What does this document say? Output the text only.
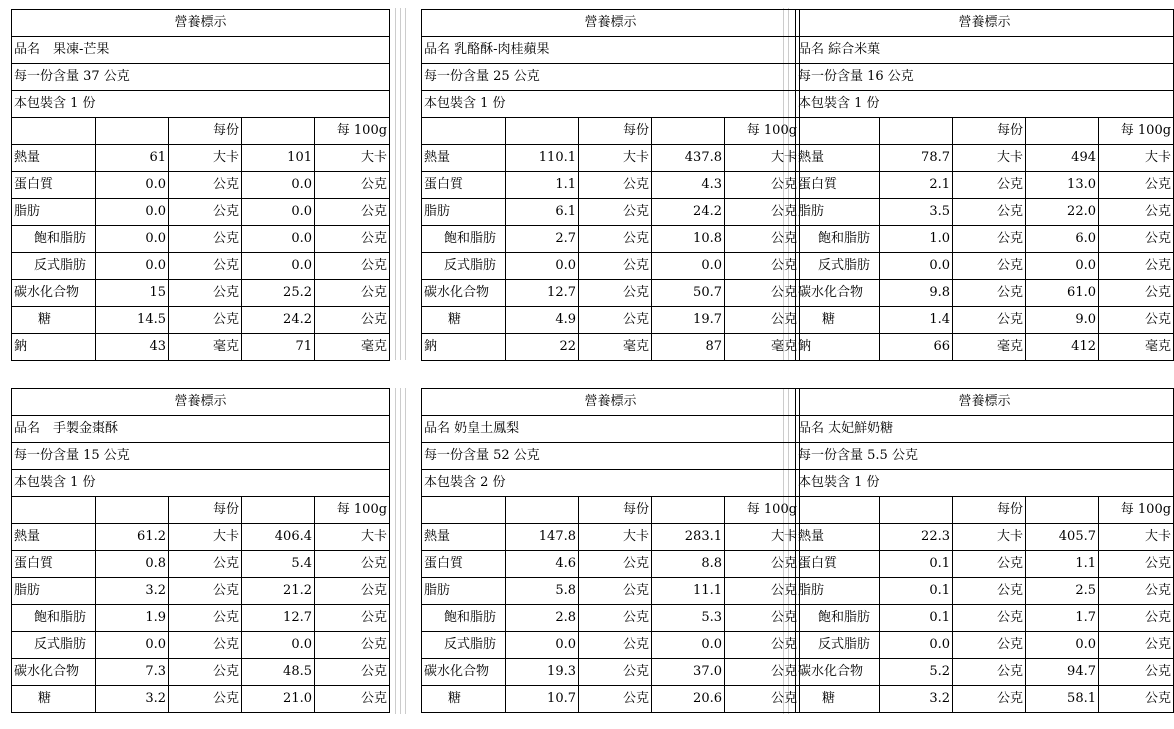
營養標示				
品名　果凍-芒果				
每一份含量 37 公克				
本包裝含 1 份				
		每份		每 100g
熱量	61	大卡	101	大卡
蛋白質	0.0	公克	0.0	公克
脂肪	0.0	公克	0.0	公克
飽和脂肪	0.0	公克	0.0	公克
反式脂肪	0.0	公克	0.0	公克
碳水化合物	15	公克	25.2	公克
糖	14.5	公克	24.2	公克
鈉	43	毫克	71	毫克
營養標示				
品名 乳酪酥-肉桂蘋果				
每一份含量 25 公克				
本包裝含 1 份				
		每份		每 100g
熱量	110.1	大卡	437.8	大卡
蛋白質	1.1	公克	4.3	公克
脂肪	6.1	公克	24.2	公克
飽和脂肪	2.7	公克	10.8	公克
反式脂肪	0.0	公克	0.0	公克
碳水化合物	12.7	公克	50.7	公克
糖	4.9	公克	19.7	公克
鈉	22	毫克	87	毫克
營養標示				
品名 綜合米菓				
每一份含量 16 公克				
本包裝含 1 份				
		每份		每 100g
熱量	78.7	大卡	494	大卡
蛋白質	2.1	公克	13.0	公克
脂肪	3.5	公克	22.0	公克
飽和脂肪	1.0	公克	6.0	公克
反式脂肪	0.0	公克	0.0	公克
碳水化合物	9.8	公克	61.0	公克
糖	1.4	公克	9.0	公克
鈉	66	毫克	412	毫克
營養標示				
品名　手製金棗酥				
每一份含量 15 公克				
本包裝含 1 份				
		每份		每 100g
熱量	61.2	大卡	406.4	大卡
蛋白質	0.8	公克	5.4	公克
脂肪	3.2	公克	21.2	公克
飽和脂肪	1.9	公克	12.7	公克
反式脂肪	0.0	公克	0.0	公克
碳水化合物	7.3	公克	48.5	公克
糖	3.2	公克	21.0	公克
營養標示				
品名 奶皇土鳳梨				
每一份含量 52 公克				
本包裝含 2 份				
		每份		每 100g
熱量	147.8	大卡	283.1	大卡
蛋白質	4.6	公克	8.8	公克
脂肪	5.8	公克	11.1	公克
飽和脂肪	2.8	公克	5.3	公克
反式脂肪	0.0	公克	0.0	公克
碳水化合物	19.3	公克	37.0	公克
糖	10.7	公克	20.6	公克
營養標示				
品名 太妃鮮奶糖				
每一份含量 5.5 公克				
本包裝含 1 份				
		每份		每 100g
熱量	22.3	大卡	405.7	大卡
蛋白質	0.1	公克	1.1	公克
脂肪	0.1	公克	2.5	公克
飽和脂肪	0.1	公克	1.7	公克
反式脂肪	0.0	公克	0.0	公克
碳水化合物	5.2	公克	94.7	公克
糖	3.2	公克	58.1	公克
